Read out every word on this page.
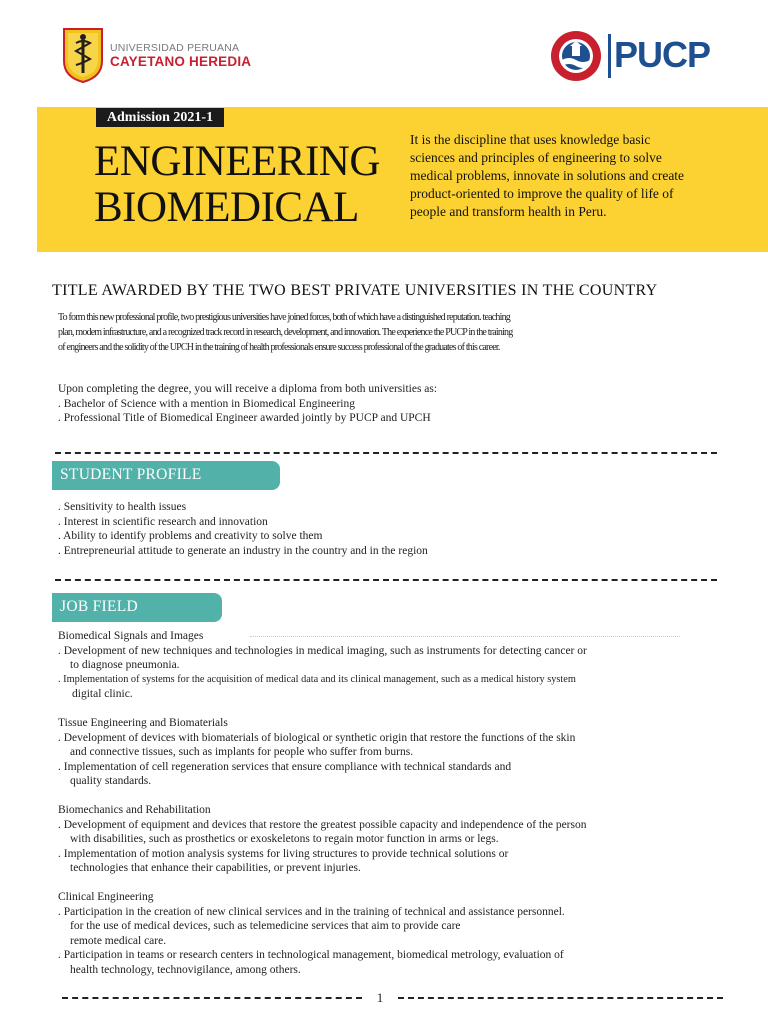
UNIVERSIDAD PERUANA
CAYETANO HEREDIA	PUCP
Admission 2021-1
ENGINEERING
BIOMEDICAL
It is the discipline that uses knowledge basic sciences and principles of engineering to solve medical problems, innovate in solutions and create product-oriented to improve the quality of life of people and transform health in Peru.
TITLE AWARDED BY THE TWO BEST PRIVATE UNIVERSITIES IN THE COUNTRY
To form this new professional profile, two prestigious universities have joined forces, both of which have a distinguished reputation. teaching plan, modern infrastructure, and a recognized track record in research, development, and innovation. The experience the PUCP in the training of engineers and the solidity of the UPCH in the training of health professionals ensure success professional of the graduates of this career.
Upon completing the degree, you will receive a diploma from both universities as:
. Bachelor of Science with a mention in Biomedical Engineering
. Professional Title of Biomedical Engineer awarded jointly by PUCP and UPCH
STUDENT PROFILE
. Sensitivity to health issues
. Interest in scientific research and innovation
. Ability to identify problems and creativity to solve them
. Entrepreneurial attitude to generate an industry in the country and in the region
JOB FIELD
Biomedical Signals and Images
. Development of new techniques and technologies in medical imaging, such as instruments for detecting cancer or
to diagnose pneumonia.
. Implementation of systems for the acquisition of medical data and its clinical management, such as a medical history system
digital clinic.
Tissue Engineering and Biomaterials
. Development of devices with biomaterials of biological or synthetic origin that restore the functions of the skin
and connective tissues, such as implants for people who suffer from burns.
. Implementation of cell regeneration services that ensure compliance with technical standards and
quality standards.
Biomechanics and Rehabilitation
. Development of equipment and devices that restore the greatest possible capacity and independence of the person
with disabilities, such as prosthetics or exoskeletons to regain motor function in arms or legs.
. Implementation of motion analysis systems for living structures to provide technical solutions or
technologies that enhance their capabilities, or prevent injuries.
Clinical Engineering
. Participation in the creation of new clinical services and in the training of technical and assistance personnel.
for the use of medical devices, such as telemedicine services that aim to provide care
remote medical care.
. Participation in teams or research centers in technological management, biomedical metrology, evaluation of
health technology, technovigilance, among others.
1
